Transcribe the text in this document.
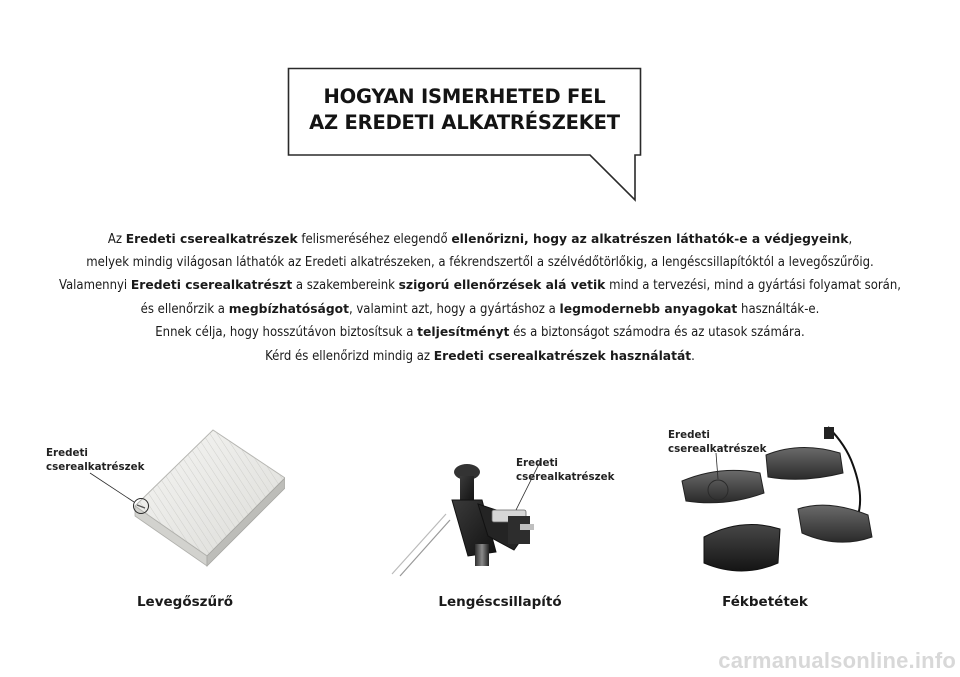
HOGYAN ISMERHETED FEL
AZ EREDETI ALKATRÉSZEKET

Az Eredeti cserealkatrészek felismeréséhez elegendő ellenőrizni, hogy az alkatrészen láthatók-e a védjegyeink,

melyek mindig világosan láthatók az Eredeti alkatrészeken, a fékrendszertől a szélvédőtörlőkig, a lengéscsillapítóktól a levegőszűrőig.

Valamennyi Eredeti cserealkatrészt a szakembereink szigorú ellenőrzések alá vetik mind a tervezési, mind a gyártási folyamat során,

és ellenőrzik a megbízhatóságot, valamint azt, hogy a gyártáshoz a legmodernebb anyagokat használták-e.

Ennek célja, hogy hosszútávon biztosítsuk a teljesítményt és a biztonságot számodra és az utasok számára.

Kérd és ellenőrizd mindig az Eredeti cserealkatrészek használatát.

Eredeti
cserealkatrészek
Levegőszűrő
Eredeti
cserealkatrészek
Lengéscsillapító
Eredeti
cserealkatrészek
Fékbetétek
carmanualsonline.info
